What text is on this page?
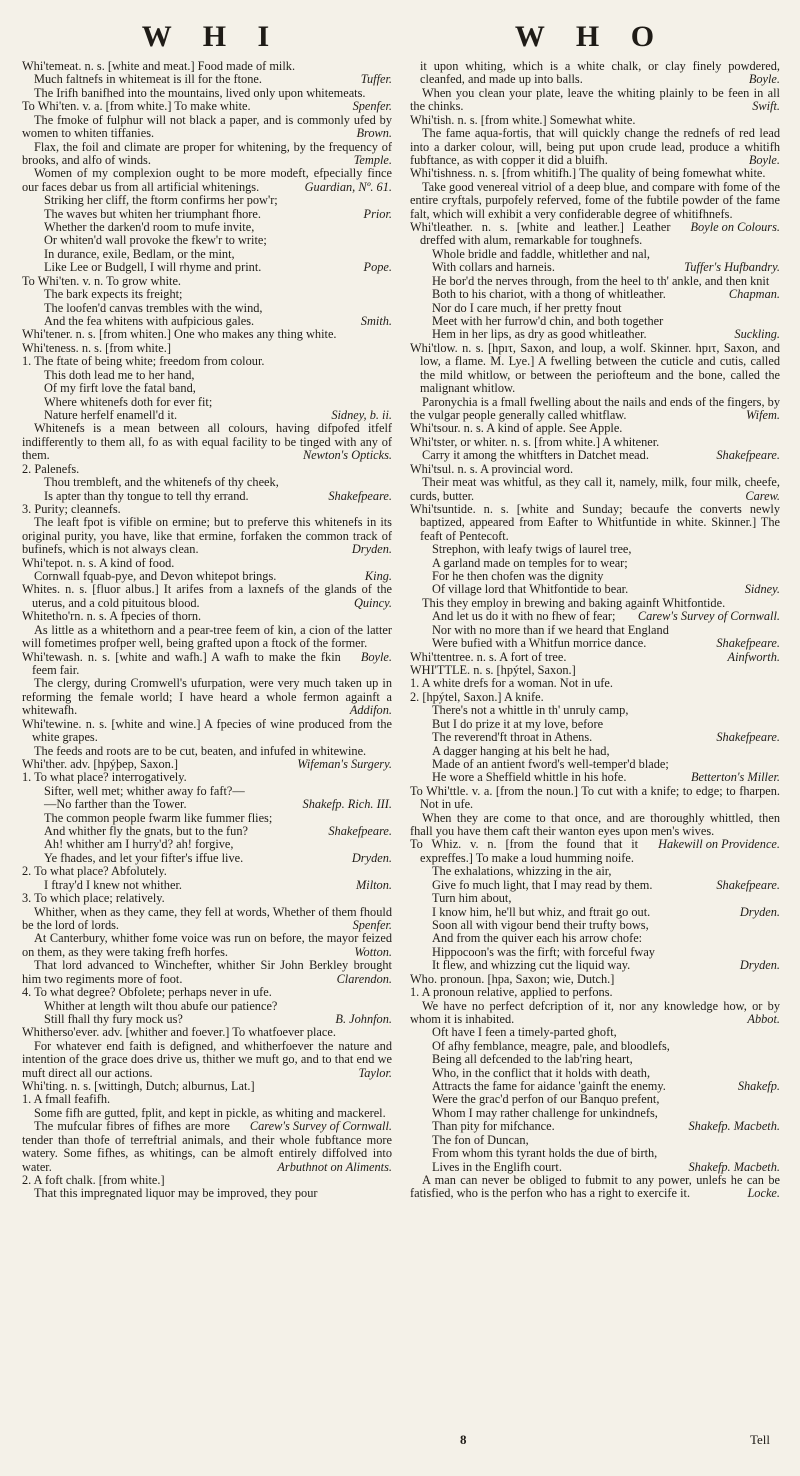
W H I	W H O

Whi'temeat. n. s. [white and meat.] Food made of milk.

Much faltnefs in whitemeat is ill for the ftone.	Tuffer.

The Irifh banifhed into the mountains, lived only upon whitemeats.
Spenfer.

To Whi'ten. v. a. [from white.] To make white.

The fmoke of fulphur will not black a paper, and is commonly ufed by women to whiten tiffanies.	Brown.

Flax, the foil and climate are proper for whitening, by the frequency of brooks, and alfo of winds.	Temple.

Women of my complexion ought to be more modeft, efpecially fince our faces debar us from all artificial whitenings.	Guardian, Nº. 61.

Striking her cliff, the ftorm confirms her pow'r;

The waves but whiten her triumphant fhore.	Prior.

Whether the darken'd room to mufe invite,

Or whiten'd wall provoke the fkew'r to write;

In durance, exile, Bedlam, or the mint,

Like Lee or Budgell, I will rhyme and print.	Pope.

To Whi'ten. v. n. To grow white.

The bark expects its freight;

The loofen'd canvas trembles with the wind,

And the fea whitens with aufpicious gales.	Smith.

Whi'tener. n. s. [from whiten.] One who makes any thing white.

Whi'teness. n. s. [from white.]

1. The ftate of being white; freedom from colour.

This doth lead me to her hand,

Of my firft love the fatal band,

Where whitenefs doth for ever fit;

Nature herfelf enamell'd it.	Sidney, b. ii.

Whitenefs is a mean between all colours, having difpofed itfelf indifferently to them all, fo as with equal facility to be tinged with any of them.	Newton's Opticks.

2. Palenefs.

Thou trembleft, and the whitenefs of thy cheek,

Is apter than thy tongue to tell thy errand.	Shakefpeare.

3. Purity; cleannefs.

The leaft fpot is vifible on ermine; but to preferve this whitenefs in its original purity, you have, like that ermine, forfaken the common track of bufinefs, which is not always clean.	Dryden.

Whi'tepot. n. s. A kind of food.

Cornwall fquab-pye, and Devon whitepot brings.	King.

Whites. n. s. [fluor albus.] It arifes from a laxnefs of the glands of the uterus, and a cold pituitous blood.	Quincy.

Whitetho'rn. n. s. A fpecies of thorn.

As little as a whitethorn and a pear-tree feem of kin, a cion of the latter will fometimes profper well, being grafted upon a ftock of the former.
Boyle.

Whi'tewash. n. s. [white and wafh.] A wafh to make the fkin feem fair.

The clergy, during Cromwell's ufurpation, were very much taken up in reforming the female world; I have heard a whole fermon againft a whitewafh.	Addifon.

Whi'tewine. n. s. [white and wine.] A fpecies of wine produced from the white grapes.

The feeds and roots are to be cut, beaten, and infufed in whitewine.
Wifeman's Surgery.

Whi'ther. adv. [hpýþep, Saxon.]

1. To what place? interrogatively.

Sifter, well met; whither away fo faft?—

—No farther than the Tower.	Shakefp. Rich. III.

The common people fwarm like fummer flies;

And whither fly the gnats, but to the fun?	Shakefpeare.

Ah! whither am I hurry'd? ah! forgive,

Ye fhades, and let your fifter's iffue live.	Dryden.

2. To what place? Abfolutely.

I ftray'd I knew not whither.	Milton.

3. To which place; relatively.

Whither, when as they came, they fell at words, Whether of them fhould be the lord of lords.	Spenfer.

At Canterbury, whither fome voice was run on before, the mayor feized on them, as they were taking frefh horfes.	Wotton.

That lord advanced to Winchefter, whither Sir John Berkley brought him two regiments more of foot.	Clarendon.

4. To what degree? Obfolete; perhaps never in ufe.

Whither at length wilt thou abufe our patience?

Still fhall thy fury mock us?	B. Johnfon.

Whitherso'ever. adv. [whither and foever.] To whatfoever place.

For whatever end faith is defigned, and whitherfoever the nature and intention of the grace does drive us, thither we muft go, and to that end we muft direct all our actions.	Taylor.

Whi'ting. n. s. [wittingh, Dutch; alburnus, Lat.]

1. A fmall feafifh.

Some fifh are gutted, fplit, and kept in pickle, as whiting and mackerel.
Carew's Survey of Cornwall.

The mufcular fibres of fifhes are more tender than thofe of terreftrial animals, and their whole fubftance more watery. Some fifhes, as whitings, can be almoft entirely diffolved into water.	Arbuthnot on Aliments.

2. A foft chalk. [from white.]

That this impregnated liquor may be improved, they pour

it upon whiting, which is a white chalk, or clay finely powdered, cleanfed, and made up into balls.	Boyle.

When you clean your plate, leave the whiting plainly to be feen in all the chinks.	Swift.

Whi'tish. n. s. [from white.] Somewhat white.

The fame aqua-fortis, that will quickly change the rednefs of red lead into a darker colour, will, being put upon crude lead, produce a whitifh fubftance, as with copper it did a bluifh.	Boyle.

Whi'tishness. n. s. [from whitifh.] The quality of being fomewhat white.

Take good venereal vitriol of a deep blue, and compare with fome of the entire cryftals, purpofely referved, fome of the fubtile powder of the fame falt, which will exhibit a very confiderable degree of whitifhnefs.
Boyle on Colours.

Whi'tleather. n. s. [white and leather.] Leather dreffed with alum, remarkable for toughnefs.

Whole bridle and faddle, whitlether and nal,

With collars and harneis.	Tuffer's Hufbandry.

He bor'd the nerves through, from the heel to th' ankle, and then knit

Both to his chariot, with a thong of whitleather.	Chapman.

Nor do I care much, if her pretty fnout

Meet with her furrow'd chin, and both together

Hem in her lips, as dry as good whitleather.	Suckling.

Whi'tlow. n. s. [hpıτ, Saxon, and loup, a wolf. Skinner. hpıτ, Saxon, and low, a flame. M. Lye.] A fwelling between the cuticle and cutis, called the mild whitlow, or between the periofteum and the bone, called the malignant whitlow.

Paronychia is a fmall fwelling about the nails and ends of the fingers, by the vulgar people generally called whitflaw.	Wifem.

Whi'tsour. n. s. A kind of apple. See Apple.

Whi'tster, or whiter. n. s. [from white.] A whitener.

Carry it among the whitfters in Datchet mead.	Shakefpeare.

Whi'tsul. n. s. A provincial word.

Their meat was whitful, as they call it, namely, milk, four milk, cheefe, curds, butter.	Carew.

Whi'tsuntide. n. s. [white and Sunday; becaufe the converts newly baptized, appeared from Eafter to Whitfuntide in white. Skinner.] The feaft of Pentecoft.

Strephon, with leafy twigs of laurel tree,

A garland made on temples for to wear;

For he then chofen was the dignity

Of village lord that Whitfontide to bear.	Sidney.

This they employ in brewing and baking againft Whitfontide.
Carew's Survey of Cornwall.

And let us do it with no fhew of fear;

Nor with no more than if we heard that England

Were bufied with a Whitfun morrice dance.	Shakefpeare.

Whi'ttentree. n. s. A fort of tree.	Ainfworth.

WHI'TTLE. n. s. [hpýtel, Saxon.]

1. A white drefs for a woman. Not in ufe.

2. [hpýtel, Saxon.] A knife.

There's not a whittle in th' unruly camp,

But I do prize it at my love, before

The reverend'ft throat in Athens.	Shakefpeare.

A dagger hanging at his belt he had,

Made of an antient fword's well-temper'd blade;

He wore a Sheffield whittle in his hofe.	Betterton's Miller.

To Whi'ttle. v. a. [from the noun.] To cut with a knife; to edge; to fharpen. Not in ufe.

When they are come to that once, and are thoroughly whittled, then fhall you have them caft their wanton eyes upon men's wives.
Hakewill on Providence.

To Whiz. v. n. [from the found that it expreffes.] To make a loud humming noife.

The exhalations, whizzing in the air,

Give fo much light, that I may read by them.	Shakefpeare.

Turn him about,

I know him, he'll but whiz, and ftrait go out.	Dryden.

Soon all with vigour bend their trufty bows,

And from the quiver each his arrow chofe:

Hippocoon's was the firft; with forceful fway

It flew, and whizzing cut the liquid way.	Dryden.

Who. pronoun. [hpa, Saxon; wie, Dutch.]

1. A pronoun relative, applied to perfons.

We have no perfect defcription of it, nor any knowledge how, or by whom it is inhabited.	Abbot.

Oft have I feen a timely-parted ghoft,

Of afhy femblance, meagre, pale, and bloodlefs,

Being all defcended to the lab'ring heart,

Who, in the conflict that it holds with death,

Attracts the fame for aidance 'gainft the enemy.	Shakefp.

Were the grac'd perfon of our Banquo prefent,

Whom I may rather challenge for unkindnefs,

Than pity for mifchance.	Shakefp. Macbeth.

The fon of Duncan,

From whom this tyrant holds the due of birth,

Lives in the Englifh court.	Shakefp. Macbeth.

A man can never be obliged to fubmit to any power, unlefs he can be fatisfied, who is the perfon who has a right to exercife it.	Locke.

8	Tell
